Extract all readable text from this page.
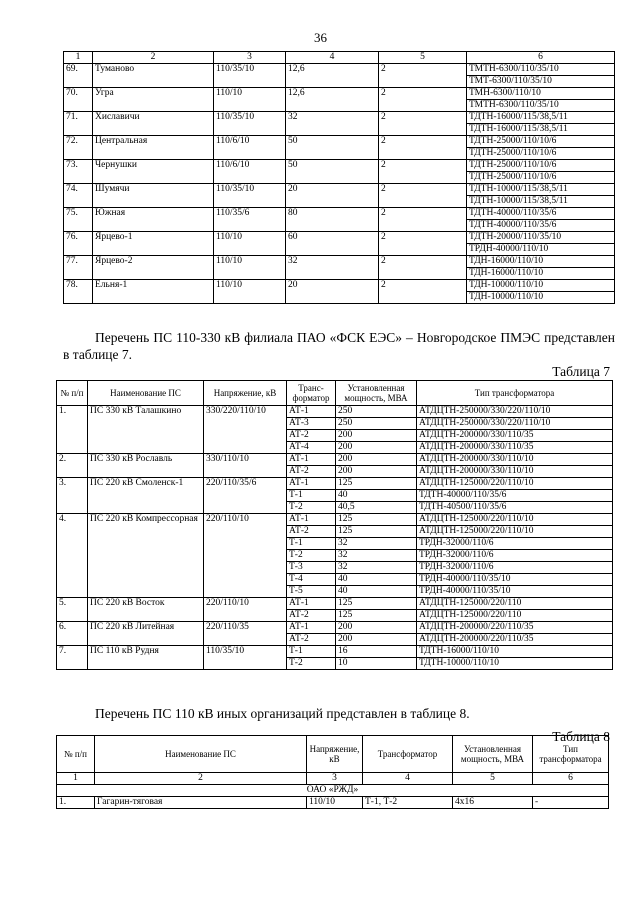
36
1	2	3	4	5	6
69.	Туманово	110/35/10	12,6	2	ТМТН-6300/110/35/10
					ТМТ-6300/110/35/10
70.	Угра	110/10	12,6	2	ТМН-6300/110/10
					ТМТН-6300/110/35/10
71.	Хиславичи	110/35/10	32	2	ТДТН-16000/115/38,5/11
					ТДТН-16000/115/38,5/11
72.	Центральная	110/6/10	50	2	ТДТН-25000/110/10/6
					ТДТН-25000/110/10/6
73.	Чернушки	110/6/10	50	2	ТДТН-25000/110/10/6
					ТДТН-25000/110/10/6
74.	Шумячи	110/35/10	20	2	ТДТН-10000/115/38,5/11
					ТДТН-10000/115/38,5/11
75.	Южная	110/35/6	80	2	ТДТН-40000/110/35/6
					ТДТН-40000/110/35/6
76.	Ярцево-1	110/10	60	2	ТДТН-20000/110/35/10
					ТРДН-40000/110/10
77.	Ярцево-2	110/10	32	2	ТДН-16000/110/10
					ТДН-16000/110/10
78.	Ельня-1	110/10	20	2	ТДН-10000/110/10
					ТДН-10000/110/10
Перечень ПС 110-330 кВ филиала ПАО «ФСК ЕЭС» – Новгородское ПМЭС представлен в таблице 7.
Таблица 7
№ п/п	Наименование ПС	Напряжение, кВ	Транс-форматор	Установленная мощность, МВА	Тип трансформатора
1.	ПС 330 кВ Талашкино	330/220/110/10	АТ-1	250	АТДЦТН-250000/330/220/110/10
			АТ-3	250	АТДЦТН-250000/330/220/110/10
			АТ-2	200	АТДЦТН-200000/330/110/35
			АТ-4	200	АТДЦТН-200000/330/110/35
2.	ПС 330 кВ Рославль	330/110/10	АТ-1	200	АТДЦТН-200000/330/110/10
			АТ-2	200	АТДЦТН-200000/330/110/10
3.	ПС 220 кВ Смоленск-1	220/110/35/6	АТ-1	125	АТДЦТН-125000/220/110/10
			Т-1	40	ТДТН-40000/110/35/6
			Т-2	40,5	ТДТН-40500/110/35/6
4.	ПС 220 кВ Компрессорная	220/110/10	АТ-1	125	АТДЦТН-125000/220/110/10
			АТ-2	125	АТДЦТН-125000/220/110/10
			Т-1	32	ТРДН-32000/110/6
			Т-2	32	ТРДН-32000/110/6
			Т-3	32	ТРДН-32000/110/6
			Т-4	40	ТРДН-40000/110/35/10
			Т-5	40	ТРДН-40000/110/35/10
5.	ПС 220 кВ Восток	220/110/10	АТ-1	125	АТДЦТН-125000/220/110
			АТ-2	125	АТДЦТН-125000/220/110
6.	ПС 220 кВ Литейная	220/110/35	АТ-1	200	АТДЦТН-200000/220/110/35
			АТ-2	200	АТДЦТН-200000/220/110/35
7.	ПС 110 кВ Рудня	110/35/10	Т-1	16	ТДТН-16000/110/10
			Т-2	10	ТДТН-10000/110/10
Перечень ПС 110 кВ иных организаций представлен в таблице 8.
Таблица 8
№ п/п	Наименование ПС	Напряжение, кВ	Трансформатор	Установленная мощность, МВА	Тип трансформатора
1	2	3	4	5	6
ОАО «РЖД»					
1.	Гагарин-тяговая	110/10	Т-1, Т-2	4х16	-
